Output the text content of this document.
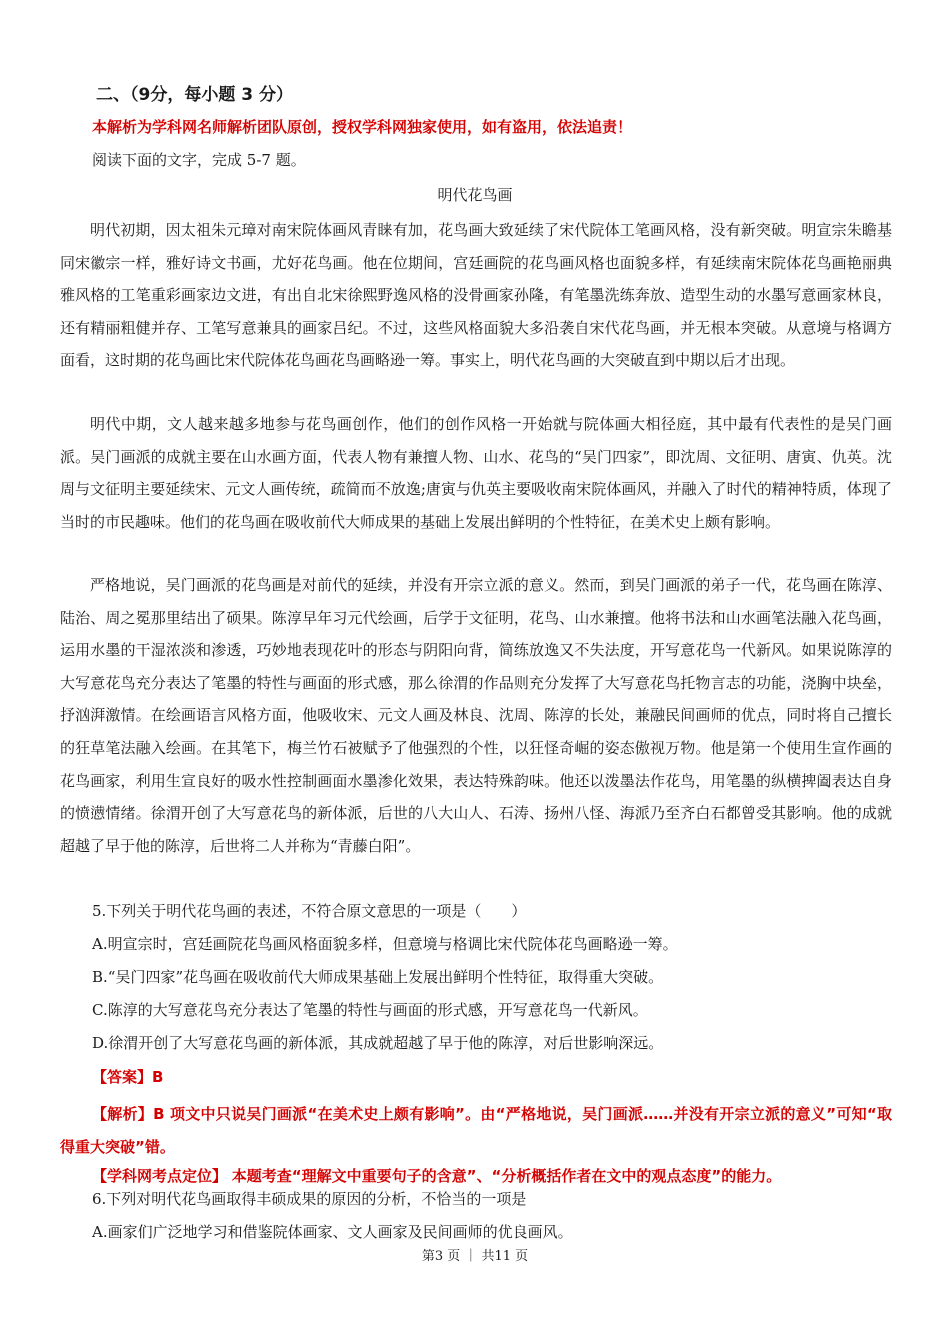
二、（9分，每小题 3 分）
本解析为学科网名师解析团队原创，授权学科网独家使用，如有盗用，依法追责！
阅读下面的文字，完成 5-7 题。
明代花鸟画

明代初期，因太祖朱元璋对南宋院体画风青睐有加，花鸟画大致延续了宋代院体工笔画风格，没有新突破。明宣宗朱瞻基同宋徽宗一样，雅好诗文书画，尤好花鸟画。他在位期间，宫廷画院的花鸟画风格也面貌多样，有延续南宋院体花鸟画艳丽典雅风格的工笔重彩画家边文进，有出自北宋徐熙野逸风格的没骨画家孙隆，有笔墨洗练奔放、造型生动的水墨写意画家林良，还有精丽粗健并存、工笔写意兼具的画家吕纪。不过，这些风格面貌大多沿袭自宋代花鸟画，并无根本突破。从意境与格调方面看，这时期的花鸟画比宋代院体花鸟画花鸟画略逊一筹。事实上，明代花鸟画的大突破直到中期以后才出现。

明代中期，文人越来越多地参与花鸟画创作，他们的创作风格一开始就与院体画大相径庭，其中最有代表性的是吴门画派。吴门画派的成就主要在山水画方面，代表人物有兼擅人物、山水、花鸟的“吴门四家”，即沈周、文征明、唐寅、仇英。沈周与文征明主要延续宋、元文人画传统，疏简而不放逸;唐寅与仇英主要吸收南宋院体画风，并融入了时代的精神特质，体现了当时的市民趣味。他们的花鸟画在吸收前代大师成果的基础上发展出鲜明的个性特征，在美术史上颇有影响。

严格地说，吴门画派的花鸟画是对前代的延续，并没有开宗立派的意义。然而，到吴门画派的弟子一代，花鸟画在陈淳、陆治、周之冕那里结出了硕果。陈淳早年习元代绘画，后学于文征明，花鸟、山水兼擅。他将书法和山水画笔法融入花鸟画，运用水墨的干湿浓淡和渗透，巧妙地表现花叶的形态与阴阳向背，简练放逸又不失法度，开写意花鸟一代新风。如果说陈淳的大写意花鸟充分表达了笔墨的特性与画面的形式感，那么徐渭的作品则充分发挥了大写意花鸟托物言志的功能，浇胸中块垒，抒汹湃激情。在绘画语言风格方面，他吸收宋、元文人画及林良、沈周、陈淳的长处，兼融民间画师的优点，同时将自己擅长的狂草笔法融入绘画。在其笔下，梅兰竹石被赋予了他强烈的个性，以狂怪奇崛的姿态傲视万物。他是第一个使用生宣作画的花鸟画家，利用生宣良好的吸水性控制画面水墨渗化效果，表达特殊韵味。他还以泼墨法作花鸟，用笔墨的纵横捭阖表达自身的愤懑情绪。徐渭开创了大写意花鸟的新体派，后世的八大山人、石涛、扬州八怪、海派乃至齐白石都曾受其影响。他的成就超越了早于他的陈淳，后世将二人并称为“青藤白阳”。

5.下列关于明代花鸟画的表述，不符合原文意思的一项是（　　）
A.明宣宗时，宫廷画院花鸟画风格面貌多样，但意境与格调比宋代院体花鸟画略逊一筹。
B.“吴门四家”花鸟画在吸收前代大师成果基础上发展出鲜明个性特征，取得重大突破。
C.陈淳的大写意花鸟充分表达了笔墨的特性与画面的形式感，开写意花鸟一代新风。
D.徐渭开创了大写意花鸟画的新体派，其成就超越了早于他的陈淳，对后世影响深远。
【答案】B

【解析】B 项文中只说吴门画派“在美术史上颇有影响”。由“严格地说，吴门画派……并没有开宗立派的意义”可知“取得重大突破”错。

【学科网考点定位】 本题考查“理解文中重要句子的含意”、“分析概括作者在文中的观点态度”的能力。
6.下列对明代花鸟画取得丰硕成果的原因的分析，不恰当的一项是
A.画家们广泛地学习和借鉴院体画家、文人画家及民间画师的优良画风。
第3 页 ｜ 共11 页
